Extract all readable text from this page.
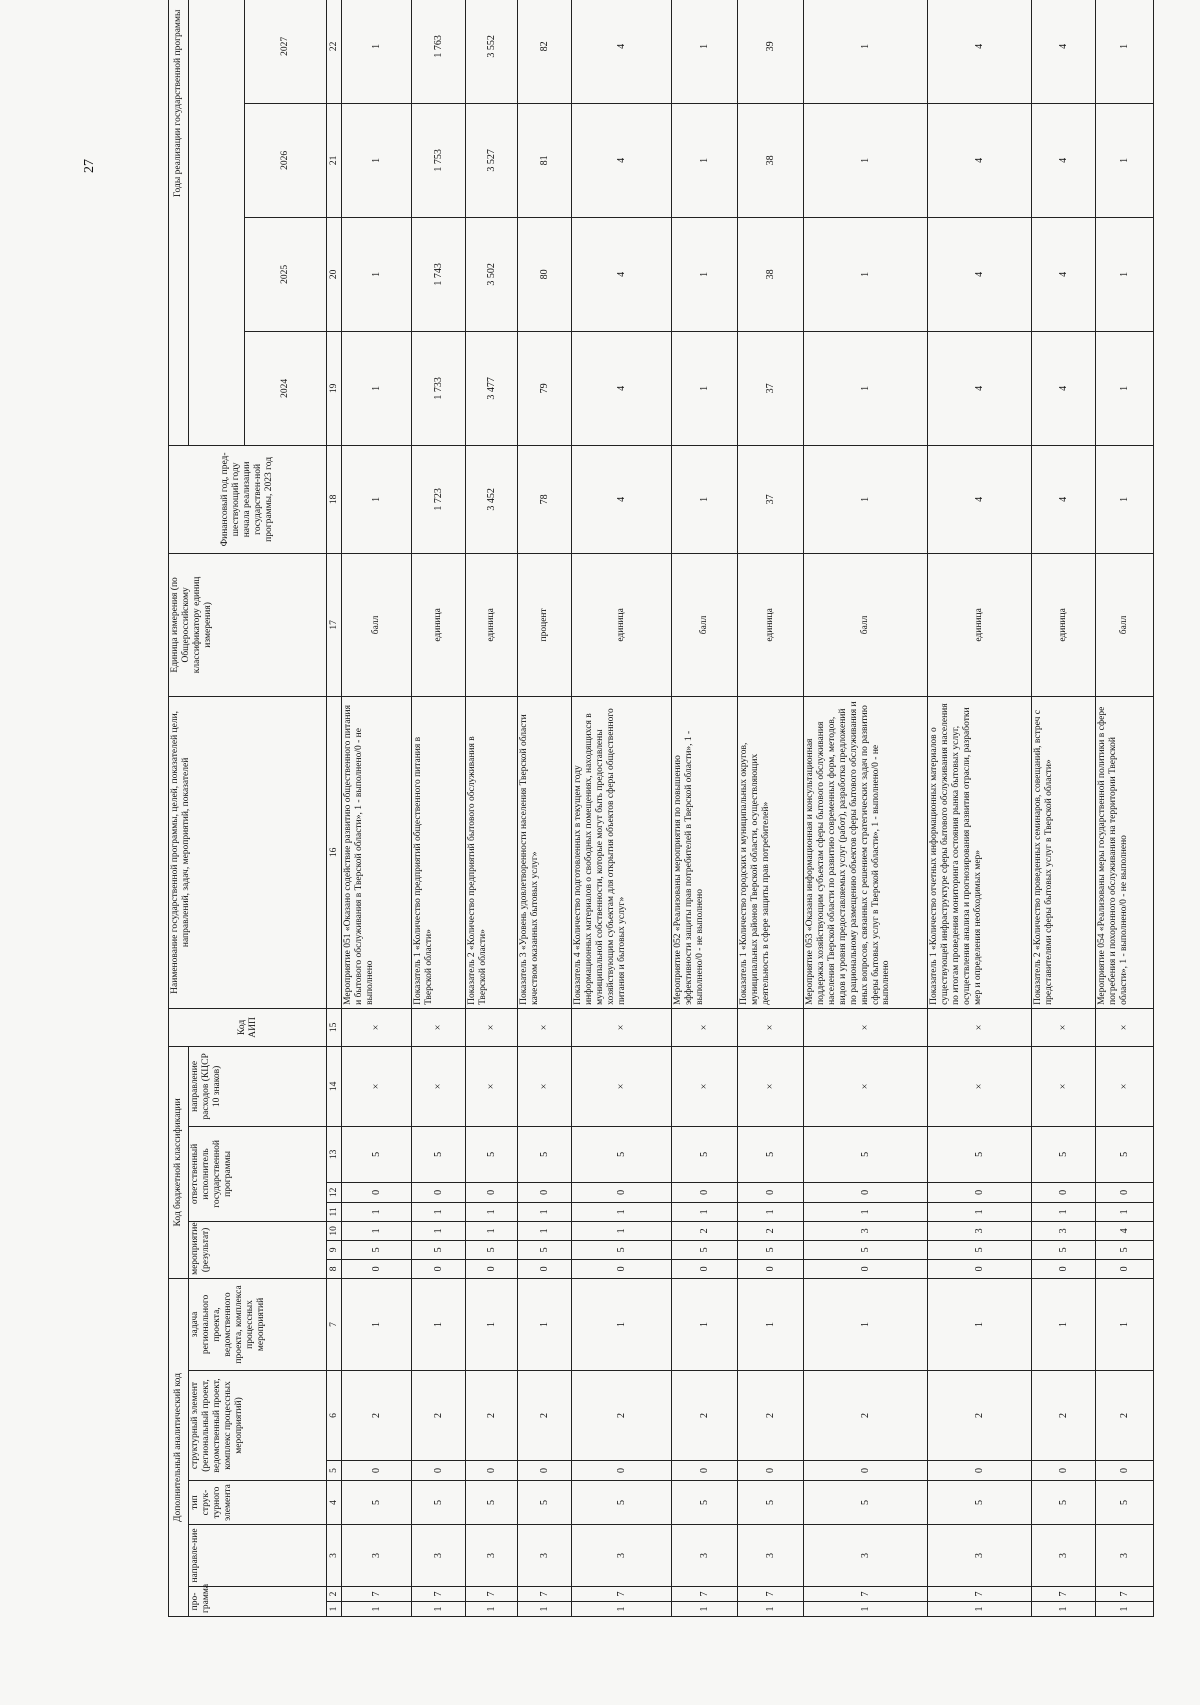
27
Дополнительный аналитический код							Код бюджетной классификации							Код АИП	Наименование государственной программы, целей, показателей цели, направлений, задач, мероприятий, показателей	Единица измерения (по Общероссийскому классификатору единиц измерения)	Финансовый год, пред-шествующий году начала реализации государствен-ной программы, 2023 год	Годы реализации государственной программы					
про-грамма		направле-ние	тип струк-турного элемента	структурный элемент (региональный проект, ведомственный проект, комплекс процессных мероприятий)		задача регионального проекта, ведомственного проекта, комплекса процессных мероприятий	мероприятие (результат)			ответственный исполнитель государственной программы			направление расходов (КЦСР 10 знаков)										
																		2024	2025	2026	2027		
1	2	3	4	5	6	7	8	9	10	11	12	13	14	15	16	17	18	19	20	21	22		
1	7	3	5	0	2	1	0	5	1	1	0	5	×	×	Мероприятие 051 «Оказано содействие развитию общественного питания и бытового обслуживания в Тверской области», 1 - выполнено/0 - не выполнено	балл	1	1	1	1	1		
1	7	3	5	0	2	1	0	5	1	1	0	5	×	×	Показатель 1 «Количество предприятий общественного питания в Тверской области»	единица	1 723	1 733	1 743	1 753	1 763		
1	7	3	5	0	2	1	0	5	1	1	0	5	×	×	Показатель 2 «Количество предприятий бытового обслуживания в Тверской области»	единица	3 452	3 477	3 502	3 527	3 552		
1	7	3	5	0	2	1	0	5	1	1	0	5	×	×	Показатель 3 «Уровень удовлетворенности населения Тверской области качеством оказанных бытовых услуг»	процент	78	79	80	81	82		
1	7	3	5	0	2	1	0	5	1	1	0	5	×	×	Показатель 4 «Количество подготовленных в текущем году информационных материалов о свободных помещениях, находящихся в муниципальной собственности, которые могут быть предоставлены хозяйствующим субъектам для открытия объектов сферы общественного питания и бытовых услуг»	единица	4	4	4	4	4		
1	7	3	5	0	2	1	0	5	2	1	0	5	×	×	Мероприятие 052 «Реализованы мероприятия по повышению эффективности защиты прав потребителей в Тверской области», 1 - выполнено/0 - не выполнено	балл	1	1	1	1	1		
1	7	3	5	0	2	1	0	5	2	1	0	5	×	×	Показатель 1 «Количество городских и муниципальных округов, муниципальных районов Тверской области, осуществляющих деятельность в сфере защиты прав потребителей»	единица	37	37	38	38	39		
1	7	3	5	0	2	1	0	5	3	1	0	5	×	×	Мероприятие 053 «Оказана информационная и консультационная поддержка хозяйствующим субъектам сферы бытового обслуживания населения Тверской области по развитию современных форм, методов, видов и уровня предоставляемых услуг (работ), разработка предложений по рациональному размещению объектов сферы бытового обслуживания и иных вопросов, связанных с решением стратегических задач по развитию сферы бытовых услуг в Тверской области», 1 - выполнено/0 - не выполнено	балл	1	1	1	1	1		
1	7	3	5	0	2	1	0	5	3	1	0	5	×	×	Показатель 1 «Количество отчетных информационных материалов о существующей инфраструктуре сферы бытового обслуживания населения по итогам проведения мониторинга состояния рынка бытовых услуг, осуществления анализа и прогнозирования развития отрасли, разработки мер и определения необходимых мер»	единица	4	4	4	4	4		
1	7	3	5	0	2	1	0	5	3	1	0	5	×	×	Показатель 2 «Количество проведенных семинаров, совещаний, встреч с представителями сферы бытовых услуг в Тверской области»	единица	4	4	4	4	4		
1	7	3	5	0	2	1	0	5	4	1	0	5	×	×	Мероприятие 054 «Реализованы меры государственной политики в сфере погребения и похоронного обслуживания на территории Тверской области», 1 - выполнено/0 - не выполнено	балл	1	1	1	1	1		
